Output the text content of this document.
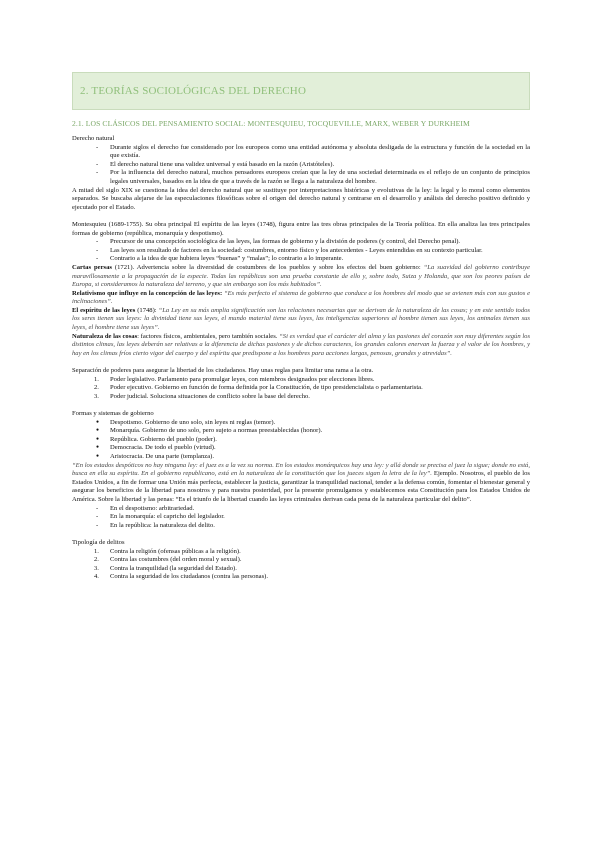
2. TEORÍAS SOCIOLÓGICAS DEL DERECHO
2.1. LOS CLÁSICOS DEL PENSAMIENTO SOCIAL: MONTESQUIEU, TOCQUEVILLE, MARX, WEBER Y DURKHEIM

Derecho natural

- Durante siglos el derecho fue considerado por los europeos como una entidad autónoma y absoluta desligada de la estructura y función de la sociedad en la que existía.
- El derecho natural tiene una validez universal y está basado en la razón (Aristóteles).
- Por la influencia del derecho natural, muchos pensadores europeos creían que la ley de una sociedad determinada es el reflejo de un conjunto de principios legales universales, basados en la idea de que a través de la razón se llega a la naturaleza del hombre.

A mitad del siglo XIX se cuestiona la idea del derecho natural que se sustituye por interpretaciones históricas y evolutivas de la ley: la legal y lo moral como elementos separados. Se buscaba alejarse de las especulaciones filosóficas sobre el origen del derecho natural y centrarse en el desarrollo y análisis del derecho positivo definido y ejecutado por el Estado.

Montesquieu (1689-1755). Su obra principal El espíritu de las leyes (1748), figura entre las tres obras principales de la Teoría política. En ella analiza las tres principales formas de gobierno (república, monarquía y despotismo).

- Precursor de una concepción sociológica de las leyes, las formas de gobierno y la división de poderes (y control, del Derecho penal).
- Las leyes son resultado de factores en la sociedad: costumbres, entorno físico y los antecedentes - Leyes entendidas en su contexto particular.
- Contrario a la idea de que hubiera leyes “buenas” y “malas”; lo contrario a lo imperante.

Cartas persas (1721). Advertencia sobre la diversidad de costumbres de los pueblos y sobre los efectos del buen gobierno: “La suavidad del gobierno contribuye maravillosamente a la propagación de la especie. Todas las repúblicas son una prueba constante de ello y, sobre todo, Suiza y Holanda, que son los peores países de Europa, si consideramos la naturaleza del terreno, y que sin embargo son los más habitados”.

Relativismo que influye en la concepción de las leyes: “Es más perfecto el sistema de gobierno que conduce a los hombres del modo que se avienen más con sus gustos e inclinaciones”.

El espíritu de las leyes (1748): “La Ley en su más amplia significación son las relaciones necesarias que se derivan de la naturaleza de las cosas; y en este sentido todos los seres tienen sus leyes: la divinidad tiene sus leyes, el mundo material tiene sus leyes, las inteligencias superiores al hombre tienen sus leyes, los animales tienen sus leyes, el hombre tiene sus leyes”.

Naturaleza de las cosas: factores físicos, ambientales, pero también sociales. “Si es verdad que el carácter del alma y las pasiones del corazón son muy diferentes según los distintos climas, las leyes deberán ser relativas a la diferencia de dichas pasiones y de dichos caracteres, los grandes calores enervan la fuerza y el valor de los hombres, y hay en los climas fríos cierto vigor del cuerpo y del espíritu que predispone a los hombres para acciones largas, penosas, grandes y atrevidas”.

Separación de poderes para asegurar la libertad de los ciudadanos. Hay unas reglas para limitar una rama a la otra.

1.	Poder legislativo. Parlamento para promulgar leyes, con miembros designados por elecciones libres.
2.	Poder ejecutivo. Gobierno en función de forma definida por la Constitución, de tipo presidencialista o parlamentarista.
3.	Poder judicial. Soluciona situaciones de conflicto sobre la base del derecho.

Formas y sistemas de gobierno

● Despotismo. Gobierno de uno solo, sin leyes ni reglas (temor).
● Monarquía. Gobierno de uno solo, pero sujeto a normas preestablecidas (honor).
● República. Gobierno del pueblo (poder).
● Democracia. De todo el pueblo (virtud).
● Aristocracia. De una parte (templanza).

“En los estados despóticos no hay ninguna ley: el juez es a la vez su norma. En los estados monárquicos hay una ley: y allá donde se precisa el juez la sigue; donde no está, busca en ella su espíritu. En el gobierno republicano, está en la naturaleza de la constitución que los jueces sigan la letra de la ley”. Ejemplo. Nosotros, el pueblo de los Estados Unidos, a fin de formar una Unión más perfecta, establecer la justicia, garantizar la tranquilidad nacional, tender a la defensa común, fomentar el bienestar general y asegurar los beneficios de la libertad para nosotros y para nuestra posteridad, por la presente promulgamos y establecemos esta Constitución para los Estados Unidos de América. Sobre la libertad y las penas: “Es el triunfo de la libertad cuando las leyes criminales derivan cada pena de la naturaleza particular del delito”.

- En el despotismo: arbitrariedad.
- En la monarquía: el capricho del legislador.
- En la república: la naturaleza del delito.

Tipología de delitos

1.	Contra la religión (ofensas públicas a la religión).
2.	Contra las costumbres (del orden moral y sexual).
3.	Contra la tranquilidad (la seguridad del Estado).
4.	Contra la seguridad de los ciudadanos (contra las personas).
